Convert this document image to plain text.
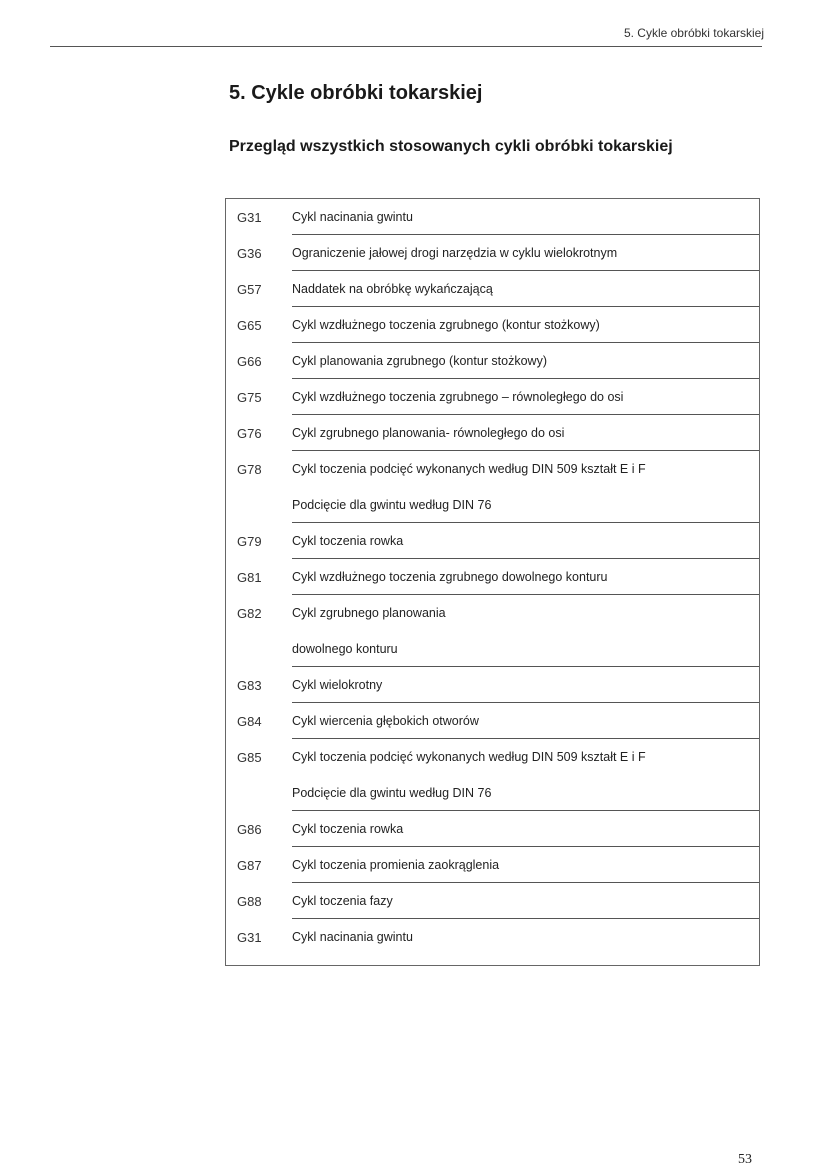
5. Cykle obróbki tokarskiej
5. Cykle obróbki tokarskiej
Przegląd wszystkich stosowanych cykli obróbki tokarskiej
G31	Cykl nacinania gwintu
G36	Ograniczenie jałowej drogi narzędzia w cyklu wielokrotnym
G57	Naddatek na obróbkę wykańczającą
G65	Cykl wzdłużnego toczenia zgrubnego (kontur stożkowy)
G66	Cykl planowania zgrubnego (kontur stożkowy)
G75	Cykl wzdłużnego toczenia zgrubnego – równoległego do osi
G76	Cykl zgrubnego planowania- równoległego do osi
G78	Cykl toczenia podcięć wykonanych według DIN 509 kształt E i F
Podcięcie dla gwintu według DIN 76
G79	Cykl toczenia rowka
G81	Cykl wzdłużnego toczenia zgrubnego dowolnego konturu
G82	Cykl zgrubnego planowania
dowolnego konturu
G83	Cykl wielokrotny
G84	Cykl wiercenia głębokich otworów
G85	Cykl toczenia podcięć wykonanych według DIN 509 kształt E i F
Podcięcie dla gwintu według DIN 76
G86	Cykl toczenia rowka
G87	Cykl toczenia promienia zaokrąglenia
G88	Cykl toczenia fazy
G31	Cykl nacinania gwintu
53
